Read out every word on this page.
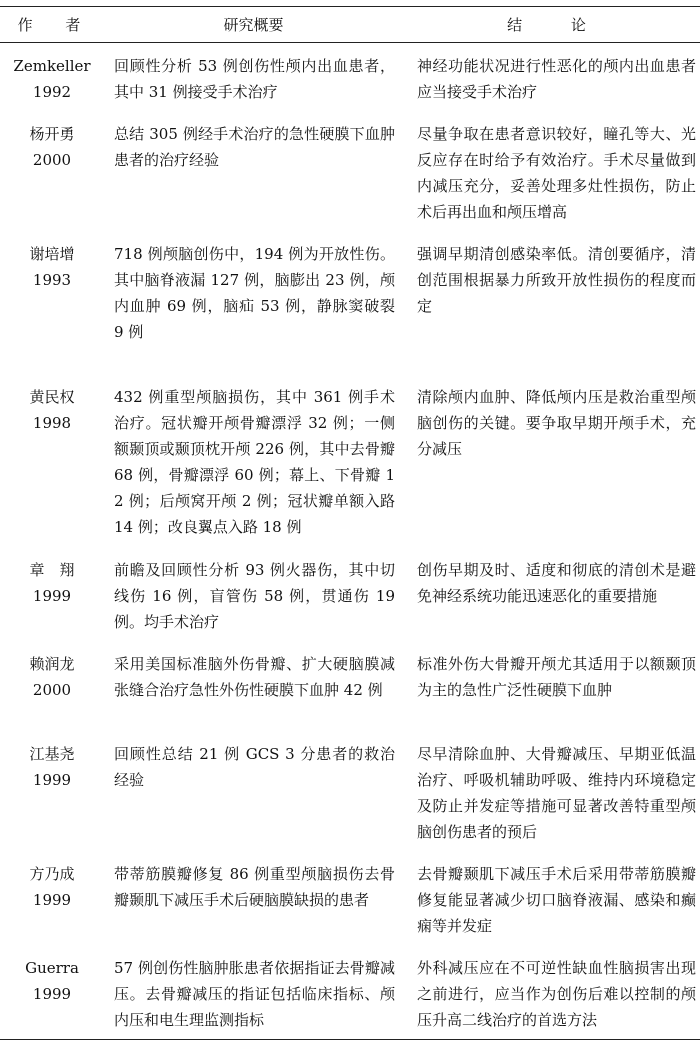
作 者	研究概要	结 论

Zemkeller
1992	回顾性分析 53 例创伤性颅内出血患者，其中 31 例接受手术治疗	神经功能状况进行性恶化的颅内出血患者应当接受手术治疗

杨开勇
2000	总结 305 例经手术治疗的急性硬膜下血肿患者的治疗经验	尽量争取在患者意识较好，瞳孔等大、光反应存在时给予有效治疗。手术尽量做到内减压充分，妥善处理多灶性损伤，防止术后再出血和颅压增高

谢培增
1993	718 例颅脑创伤中，194 例为开放性伤。其中脑脊液漏 127 例，脑膨出 23 例，颅内血肿 69 例，脑疝 53 例，静脉窦破裂 9 例	强调早期清创感染率低。清创要循序，清创范围根据暴力所致开放性损伤的程度而定

黄民权
1998	432 例重型颅脑损伤，其中 361 例手术治疗。冠状瓣开颅骨瓣漂浮 32 例；一侧额颞顶或颞顶枕开颅 226 例，其中去骨瓣 68 例，骨瓣漂浮 60 例；幕上、下骨瓣 12 例；后颅窝开颅 2 例；冠状瓣单额入路 14 例；改良翼点入路 18 例	清除颅内血肿、降低颅内压是救治重型颅脑创伤的关键。要争取早期开颅手术，充分减压

章　翔
1999	前瞻及回顾性分析 93 例火器伤，其中切线伤 16 例，盲管伤 58 例，贯通伤 19 例。均手术治疗	创伤早期及时、适度和彻底的清创术是避免神经系统功能迅速恶化的重要措施

赖润龙
2000	采用美国标准脑外伤骨瓣、扩大硬脑膜减张缝合治疗急性外伤性硬膜下血肿 42 例	标准外伤大骨瓣开颅尤其适用于以额颞顶为主的急性广泛性硬膜下血肿

江基尧
1999	回顾性总结 21 例 GCS 3 分患者的救治经验	尽早清除血肿、大骨瓣减压、早期亚低温治疗、呼吸机辅助呼吸、维持内环境稳定及防止并发症等措施可显著改善特重型颅脑创伤患者的预后

方乃成
1999	带蒂筋膜瓣修复 86 例重型颅脑损伤去骨瓣颞肌下减压手术后硬脑膜缺损的患者	去骨瓣颞肌下减压手术后采用带蒂筋膜瓣修复能显著减少切口脑脊液漏、感染和癫痫等并发症

Guerra
1999	57 例创伤性脑肿胀患者依据指证去骨瓣减压。去骨瓣减压的指证包括临床指标、颅内压和电生理监测指标	外科减压应在不可逆性缺血性脑损害出现之前进行，应当作为创伤后难以控制的颅压升高二线治疗的首选方法
